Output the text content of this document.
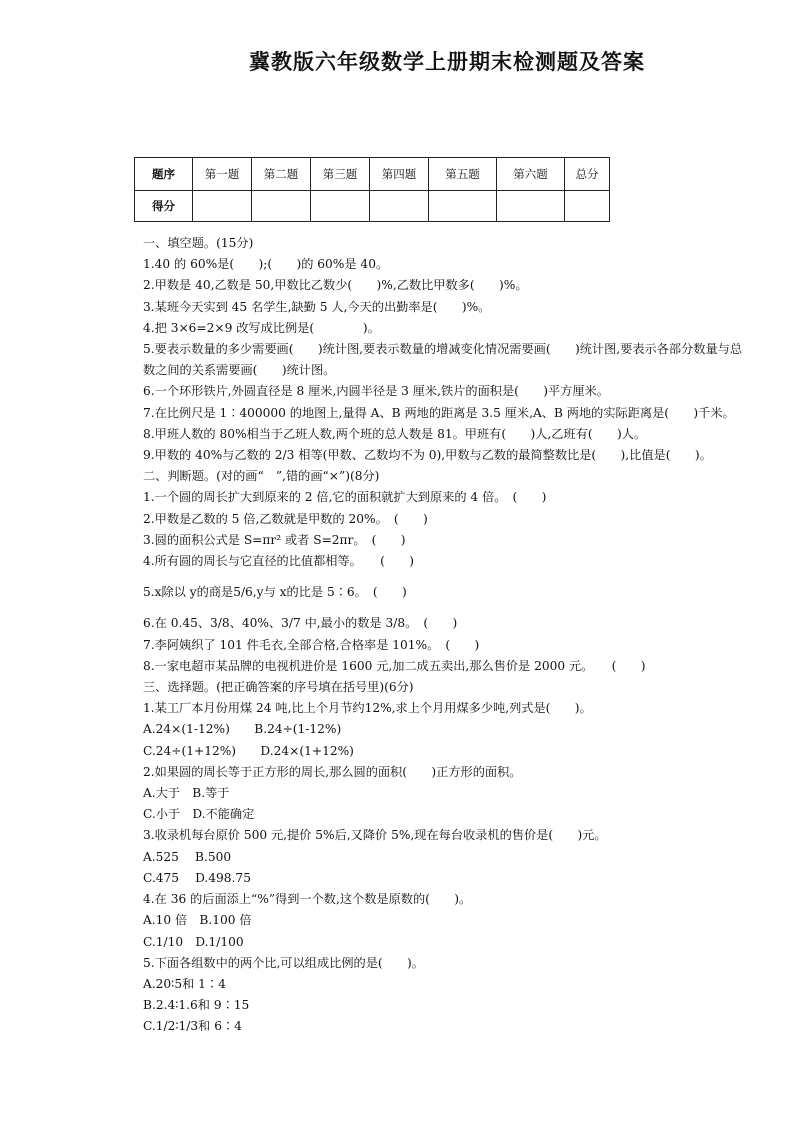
冀教版六年级数学上册期末检测题及答案
题序	第一题	第二题	第三题	第四题	第五题	第六题	总分
得分							
一、填空题。(15分)
1.40 的 60%是(　　);(　　)的 60%是 40。
2.甲数是 40,乙数是 50,甲数比乙数少(　　)%,乙数比甲数多(　　)%。
3.某班今天实到 45 名学生,缺勤 5 人,今天的出勤率是(　　)%。
4.把 3×6=2×9 改写成比例是(　　　　)。
5.要表示数量的多少需要画(　　)统计图,要表示数量的增减变化情况需要画(　　)统计图,要表示各部分数量与总数之间的关系需要画(　　)统计图。
6.一个环形铁片,外圆直径是 8 厘米,内圆半径是 3 厘米,铁片的面积是(　　)平方厘米。
7.在比例尺是 1∶400000 的地图上,量得 A、B 两地的距离是 3.5 厘米,A、B 两地的实际距离是(　　)千米。
8.甲班人数的 80%相当于乙班人数,两个班的总人数是 81。甲班有(　　)人,乙班有(　　)人。
9.甲数的 40%与乙数的 2/3 相等(甲数、乙数均不为 0),甲数与乙数的最简整数比是(　　),比值是(　　)。
二、判断题。(对的画“　”,错的画“×”)(8分)
1.一个圆的周长扩大到原来的 2 倍,它的面积就扩大到原来的 4 倍。　(　　)
2.甲数是乙数的 5 倍,乙数就是甲数的 20%。　(　　)
3.圆的面积公式是 S=πr² 或者 S=2πr。　(　　)
4.所有圆的周长与它直径的比值都相等。　　(　　)
5.x除以 y的商是5/6,y与 x的比是 5∶6。　(　　)
6.在 0.45、3/8、40%、3/7 中,最小的数是 3/8。　(　　)
7.李阿姨织了 101 件毛衣,全部合格,合格率是 101%。　(　　)
8.一家电超市某品牌的电视机进价是 1600 元,加二成五卖出,那么售价是 2000 元。　　(　　)
三、选择题。(把正确答案的序号填在括号里)(6分)
1.某工厂本月份用煤 24 吨,比上个月节约12%,求上个月用煤多少吨,列式是(　　)。
A.24×(1-12%)　　B.24÷(1-12%)
C.24÷(1+12%)　　D.24×(1+12%)
2.如果圆的周长等于正方形的周长,那么圆的面积(　　)正方形的面积。
A.大于　B.等于
C.小于　D.不能确定
3.收录机每台原价 500 元,提价 5%后,又降价 5%,现在每台收录机的售价是(　　)元。
A.525　 B.500
C.475　 D.498.75
4.在 36 的后面添上“%”得到一个数,这个数是原数的(　　)。
A.10 倍　B.100 倍
C.1/10　D.1/100
5.下面各组数中的两个比,可以组成比例的是(　　)。
A.20∶5和 1∶4
B.2.4∶1.6和 9∶15
C.1/2∶1/3和 6∶4
